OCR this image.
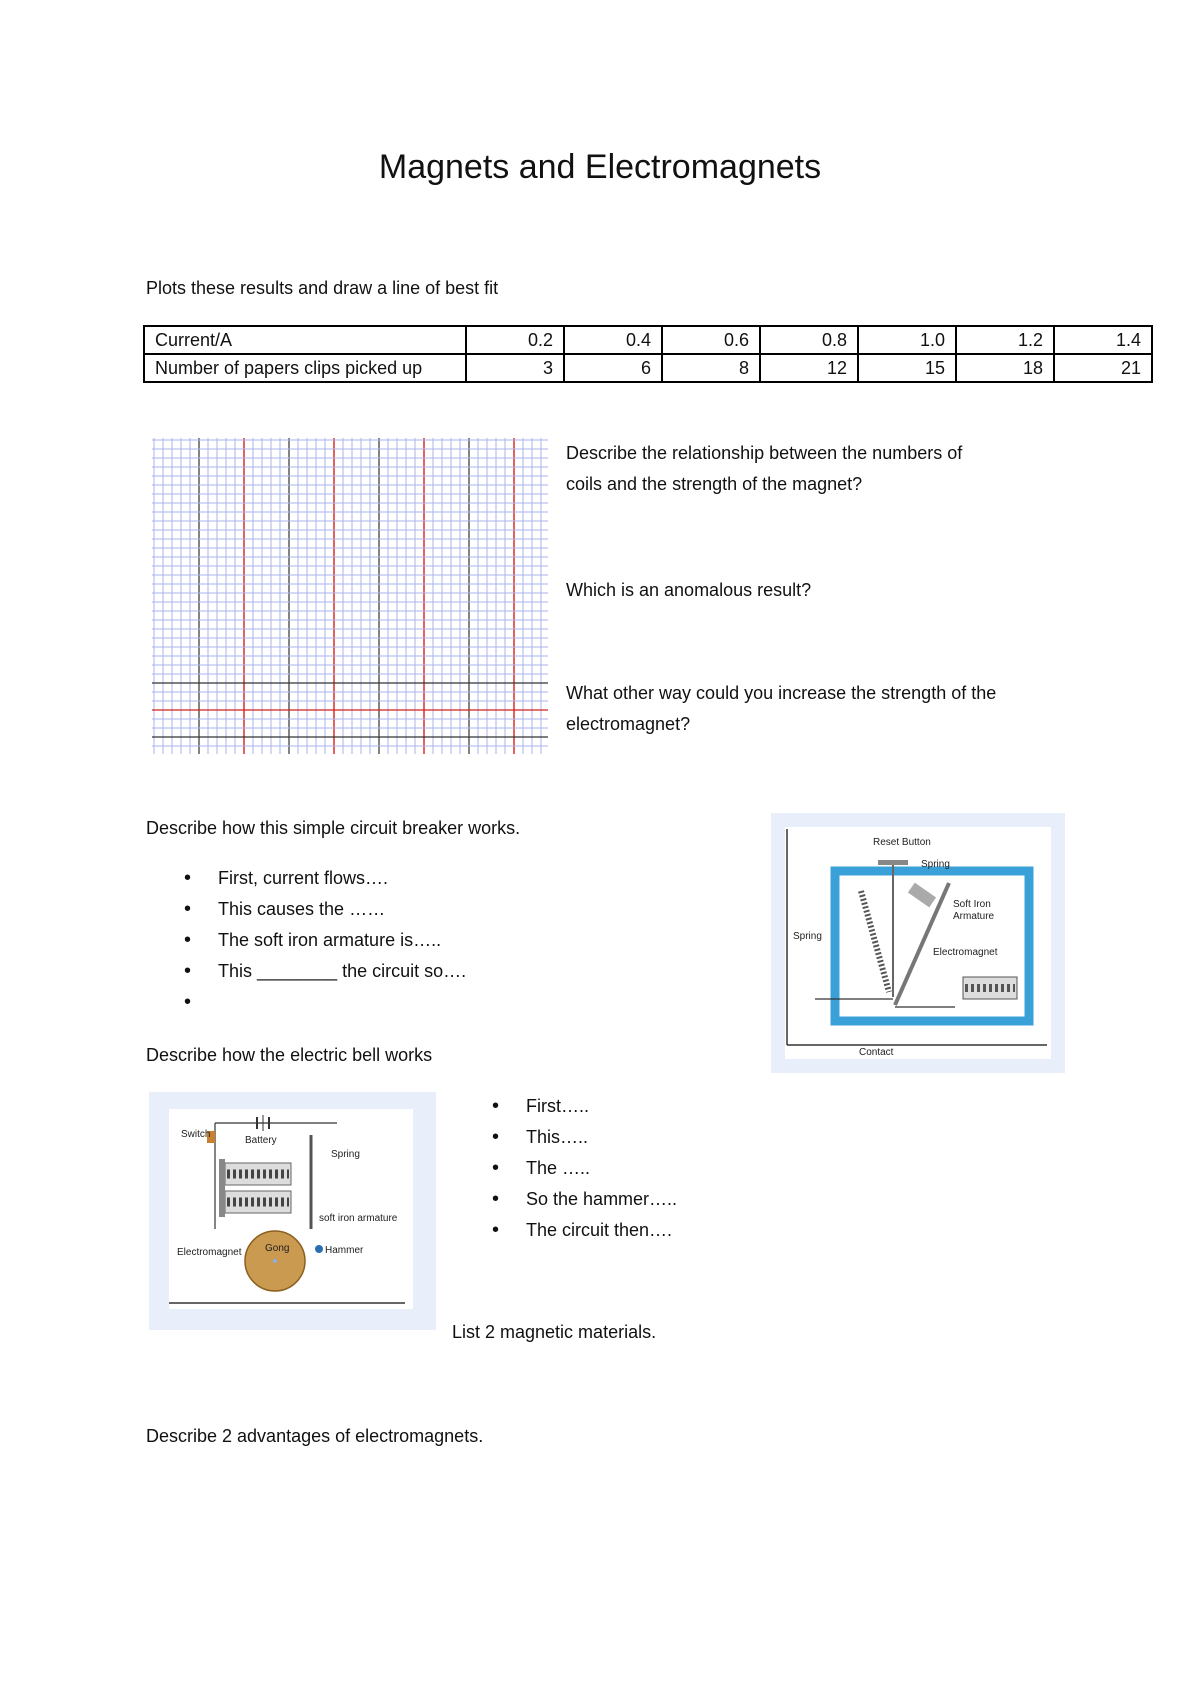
Magnets and Electromagnets
Plots these results and draw a line of best fit
Current/A	0.2	0.4	0.6	0.8	1.0	1.2	1.4
Number of papers clips picked up	3	6	8	12	15	18	21
Describe the relationship between the numbers of
coils and the strength of the magnet?
Which is an anomalous result?
What other way could you increase the strength of the
electromagnet?
Describe how this simple circuit breaker works.
• First, current flows….
• This causes the ……
• The soft iron armature is…..
• This ________ the circuit so….
•
Reset Button
Spring
Soft Iron
Armature
Spring
Electromagnet
Contact
Describe how the electric bell works
Switch
Battery
Spring
soft iron armature
Electromagnet Gong	Hammer
• First…..
• This…..
• The …..
• So the hammer…..
• The circuit then….
List 2 magnetic materials.
Describe 2 advantages of electromagnets.
